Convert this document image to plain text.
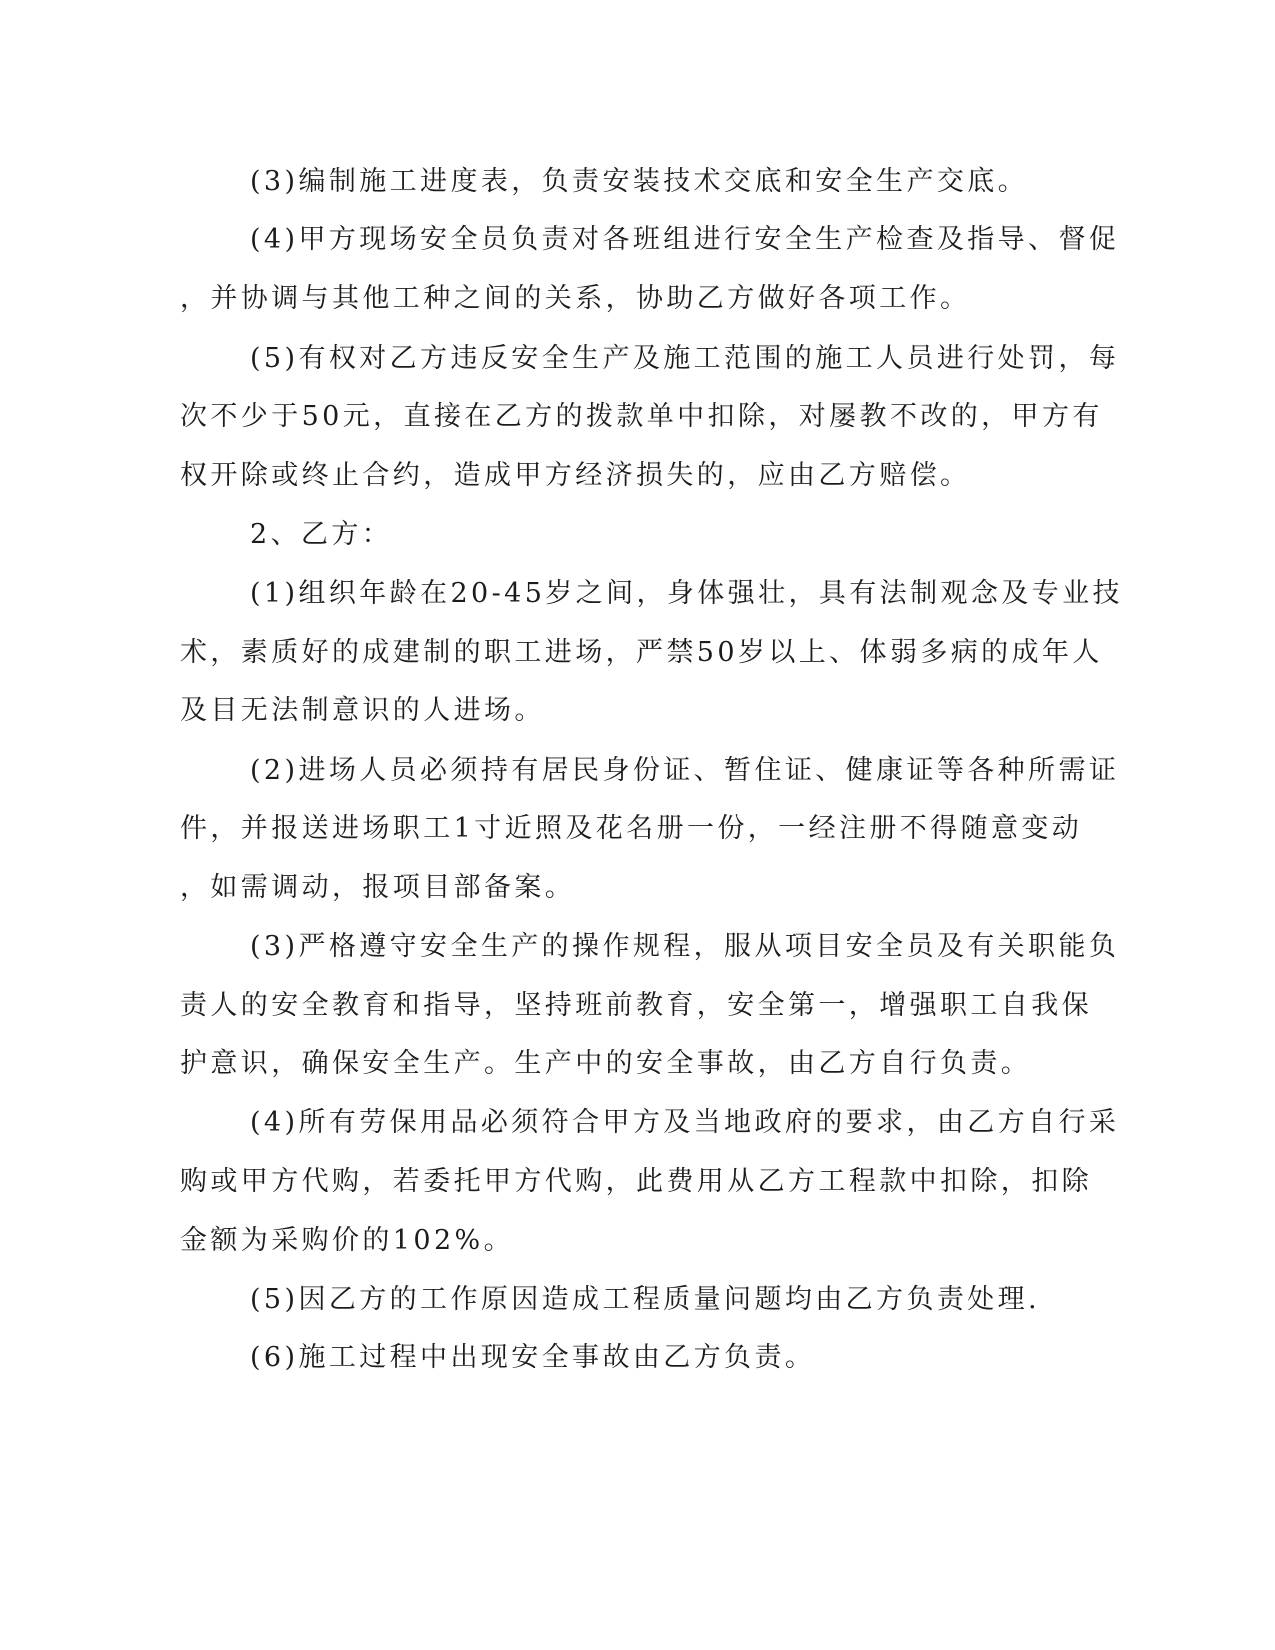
(3)编制施工进度表，负责安装技术交底和安全生产交底。
(4)甲方现场安全员负责对各班组进行安全生产检查及指导、督促
，并协调与其他工种之间的关系，协助乙方做好各项工作。
(5)有权对乙方违反安全生产及施工范围的施工人员进行处罚，每
次不少于50元，直接在乙方的拨款单中扣除，对屡教不改的，甲方有
权开除或终止合约，造成甲方经济损失的，应由乙方赔偿。
2、乙方：
(1)组织年龄在20-45岁之间，身体强壮，具有法制观念及专业技
术，素质好的成建制的职工进场，严禁50岁以上、体弱多病的成年人
及目无法制意识的人进场。
(2)进场人员必须持有居民身份证、暂住证、健康证等各种所需证
件，并报送进场职工1寸近照及花名册一份，一经注册不得随意变动
，如需调动，报项目部备案。
(3)严格遵守安全生产的操作规程，服从项目安全员及有关职能负
责人的安全教育和指导，坚持班前教育，安全第一，增强职工自我保
护意识，确保安全生产。生产中的安全事故，由乙方自行负责。
(4)所有劳保用品必须符合甲方及当地政府的要求，由乙方自行采
购或甲方代购，若委托甲方代购，此费用从乙方工程款中扣除，扣除
金额为采购价的102%。
(5)因乙方的工作原因造成工程质量问题均由乙方负责处理.
(6)施工过程中出现安全事故由乙方负责。
